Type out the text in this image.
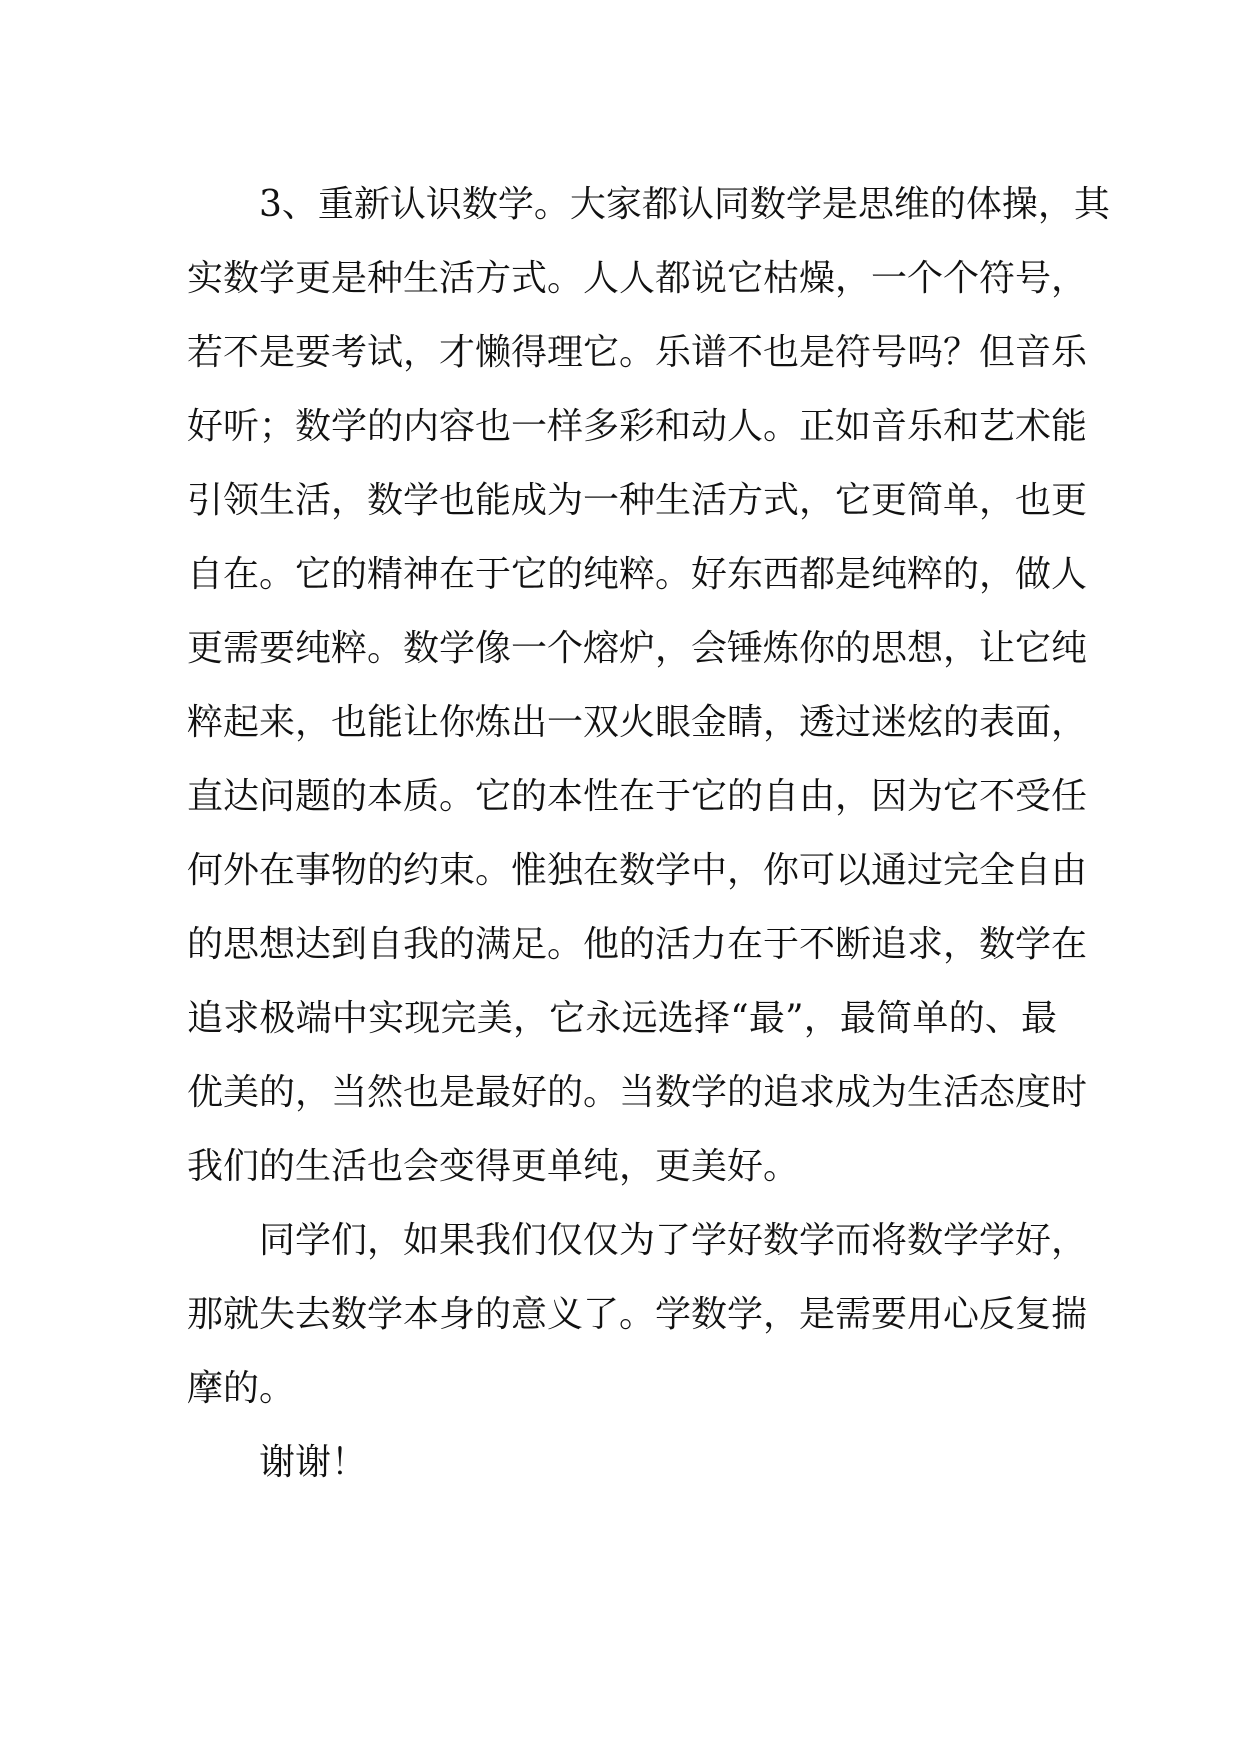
3、重新认识数学。大家都认同数学是思维的体操，其
实数学更是种生活方式。人人都说它枯燥，一个个符号，
若不是要考试，才懒得理它。乐谱不也是符号吗？但音乐
好听；数学的内容也一样多彩和动人。正如音乐和艺术能
引领生活，数学也能成为一种生活方式，它更简单，也更
自在。它的精神在于它的纯粹。好东西都是纯粹的，做人
更需要纯粹。数学像一个熔炉，会锤炼你的思想，让它纯
粹起来，也能让你炼出一双火眼金睛，透过迷炫的表面，
直达问题的本质。它的本性在于它的自由，因为它不受任
何外在事物的约束。惟独在数学中，你可以通过完全自由
的思想达到自我的满足。他的活力在于不断追求，数学在
追求极端中实现完美，它永远选择“最”，最简单的、最
优美的，当然也是最好的。当数学的追求成为生活态度时
我们的生活也会变得更单纯，更美好。
同学们，如果我们仅仅为了学好数学而将数学学好，
那就失去数学本身的意义了。学数学，是需要用心反复揣
摩的。
谢谢！
